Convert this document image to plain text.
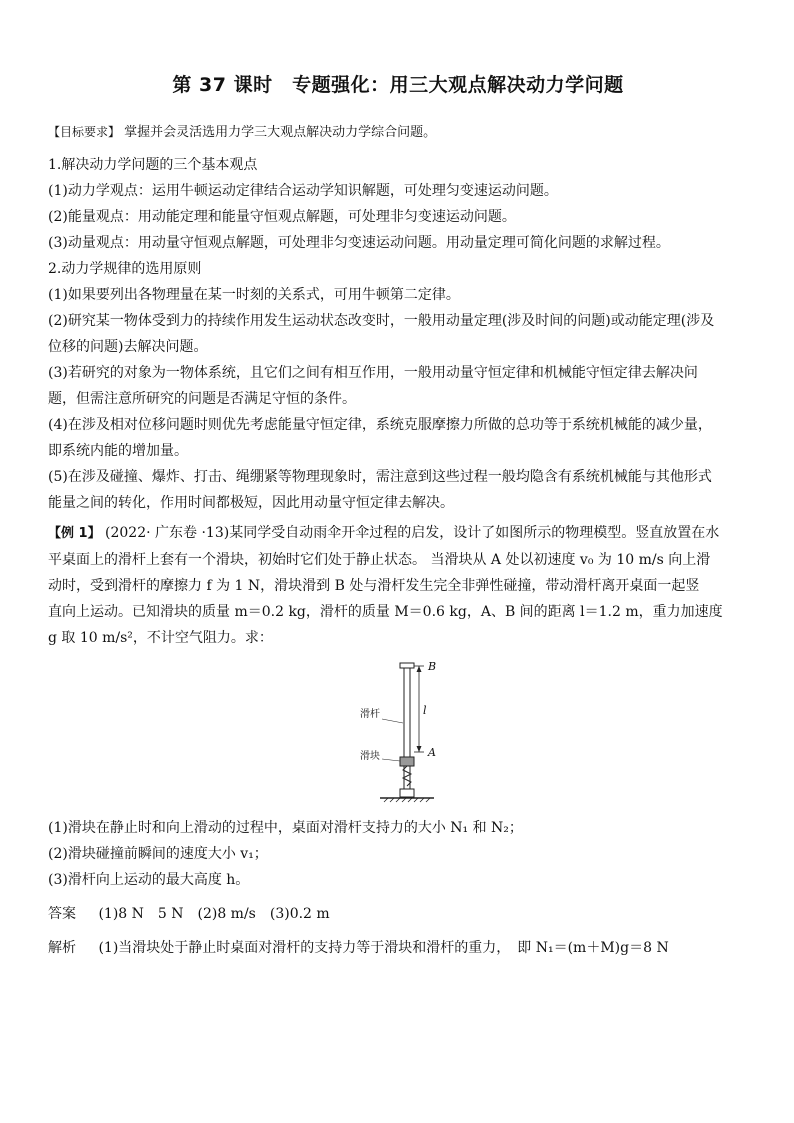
第 37 课时　专题强化：用三大观点解决动力学问题

【目标要求】 掌握并会灵活选用力学三大观点解决动力学综合问题。

1.解决动力学问题的三个基本观点

(1)动力学观点：运用牛顿运动定律结合运动学知识解题，可处理匀变速运动问题。

(2)能量观点：用动能定理和能量守恒观点解题，可处理非匀变速运动问题。

(3)动量观点：用动量守恒观点解题，可处理非匀变速运动问题。用动量定理可简化问题的求解过程。

2.动力学规律的选用原则

(1)如果要列出各物理量在某一时刻的关系式，可用牛顿第二定律。

(2)研究某一物体受到力的持续作用发生运动状态改变时，一般用动量定理(涉及时间的问题)或动能定理(涉及

位移的问题)去解决问题。

(3)若研究的对象为一物体系统，且它们之间有相互作用，一般用动量守恒定律和机械能守恒定律去解决问

题，但需注意所研究的问题是否满足守恒的条件。

(4)在涉及相对位移问题时则优先考虑能量守恒定律，系统克服摩擦力所做的总功等于系统机械能的减少量，

即系统内能的增加量。

(5)在涉及碰撞、爆炸、打击、绳绷紧等物理现象时，需注意到这些过程一般均隐含有系统机械能与其他形式

能量之间的转化，作用时间都极短，因此用动量守恒定律去解决。

【例 1】 (2022· 广东卷 ·13)某同学受自动雨伞开伞过程的启发，设计了如图所示的物理模型。竖直放置在水

平桌面上的滑杆上套有一个滑块，初始时它们处于静止状态。 当滑块从 A 处以初速度 v₀ 为 10 m/s 向上滑

动时，受到滑杆的摩擦力 f 为 1 N，滑块滑到 B 处与滑杆发生完全非弹性碰撞，带动滑杆离开桌面一起竖

直向上运动。已知滑块的质量 m＝0.2 kg，滑杆的质量 M＝0.6 kg，A、B 间的距离 l＝1.2 m，重力加速度

g 取 10 m/s²，不计空气阻力。求：

B
A
l
滑杆
滑块

(1)滑块在静止时和向上滑动的过程中，桌面对滑杆支持力的大小 N₁ 和 N₂；

(2)滑块碰撞前瞬间的速度大小 v₁；

(3)滑杆向上运动的最大高度 h。

答案 (1)8 N　5 N　(2)8 m/s　(3)0.2 m

解析 (1)当滑块处于静止时桌面对滑杆的支持力等于滑块和滑杆的重力，　即 N₁＝(m＋M)g＝8 N
